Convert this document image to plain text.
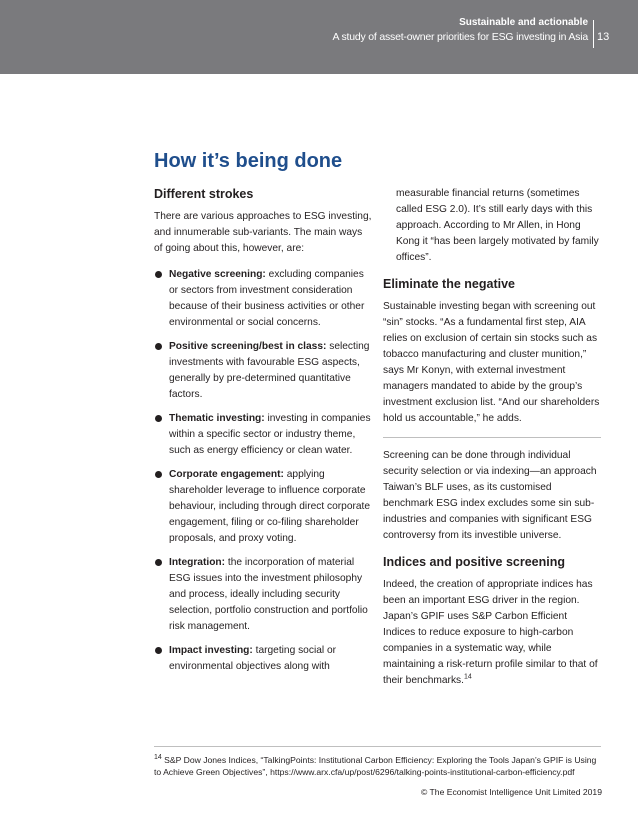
Sustainable and actionable
A study of asset-owner priorities for ESG investing in Asia 13
How it’s being done
Different strokes

There are various approaches to ESG investing, and innumerable sub-variants. The main ways of going about this, however, are:

Negative screening: excluding companies or sectors from investment consideration because of their business activities or other environmental or social concerns.
Positive screening/best in class: selecting investments with favourable ESG aspects, generally by pre-determined quantitative factors.
Thematic investing: investing in companies within a specific sector or industry theme, such as energy efficiency or clean water.
Corporate engagement: applying shareholder leverage to influence corporate behaviour, including through direct corporate engagement, filing or co-filing shareholder proposals, and proxy voting.
Integration: the incorporation of material ESG issues into the investment philosophy and process, ideally including security selection, portfolio construction and portfolio risk management.
Impact investing: targeting social or environmental objectives along with

measurable financial returns (sometimes called ESG 2.0). It’s still early days with this approach. According to Mr Allen, in Hong Kong it “has been largely motivated by family offices”.

Eliminate the negative

Sustainable investing began with screening out “sin” stocks. “As a fundamental first step, AIA relies on exclusion of certain sin stocks such as tobacco manufacturing and cluster munition,” says Mr Konyn, with external investment managers mandated to abide by the group’s investment exclusion list. “And our shareholders hold us accountable,” he adds.

Screening can be done through individual security selection or via indexing—an approach Taiwan’s BLF uses, as its customised benchmark ESG index excludes some sin sub-industries and companies with significant ESG controversy from its investible universe.

Indices and positive screening

Indeed, the creation of appropriate indices has been an important ESG driver in the region. Japan’s GPIF uses S&P Carbon Efficient Indices to reduce exposure to high-carbon companies in a systematic way, while maintaining a risk-return profile similar to that of their benchmarks.$^{14}$

$^{14}$ S&P Dow Jones Indices, “TalkingPoints: Institutional Carbon Efficiency: Exploring the Tools Japan’s GPIF is Using to Achieve Green Objectives”, https://www.arx.cfa/up/post/6296/talking-points-institutional-carbon-efficiency.pdf
© The Economist Intelligence Unit Limited 2019
